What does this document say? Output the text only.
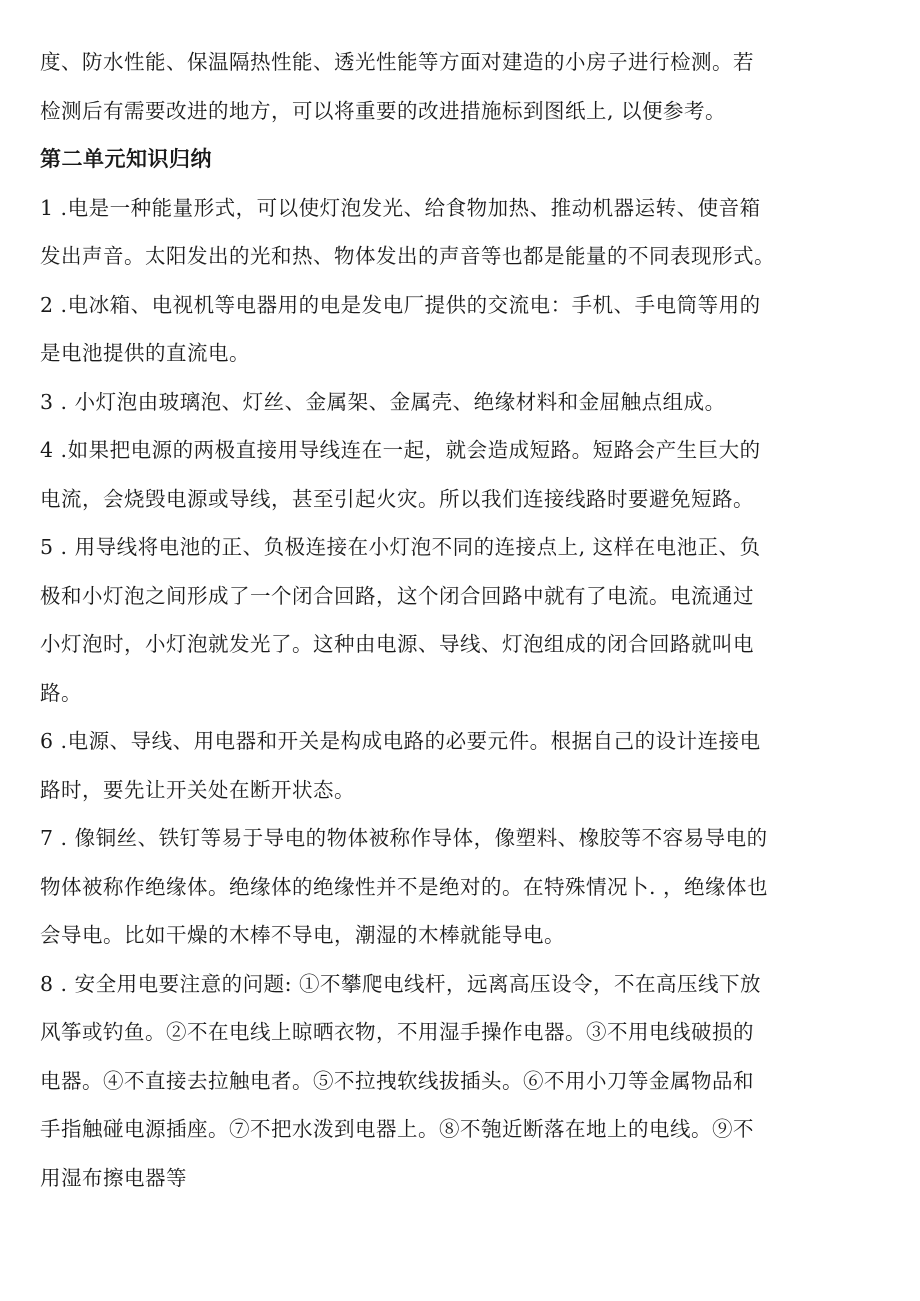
度、防水性能、保温隔热性能、透光性能等方面对建造的小房子进行检测。若
检测后有需要改进的地方，可以将重要的改进措施标到图纸上, 以便参考。

第二单元知识归纳

1 .电是一种能量形式，可以使灯泡发光、给食物加热、推动机器运转、使音箱
发出声音。太阳发出的光和热、物体发出的声音等也都是能量的不同表现形式。

2 .电冰箱、电视机等电器用的电是发电厂提供的交流电：手机、手电筒等用的
是电池提供的直流电。

3 . 小灯泡由玻璃泡、灯丝、金属架、金属壳、绝缘材料和金屈触点组成。

4 .如果把电源的两极直接用导线连在一起，就会造成短路。短路会产生巨大的
电流，会烧毁电源或导线，甚至引起火灾。所以我们连接线路时要避免短路。

5 . 用导线将电池的正、负极连接在小灯泡不同的连接点上, 这样在电池正、负
极和小灯泡之间形成了一个闭合回路，这个闭合回路中就有了电流。电流通过
小灯泡时，小灯泡就发光了。这种由电源、导线、灯泡组成的闭合回路就叫电
路。

6 .电源、导线、用电器和开关是构成电路的必要元件。根据自己的设计连接电
路时，要先让开关处在断开状态。

7 . 像铜丝、铁钉等易于导电的物体被称作导体，像塑料、橡胶等不容易导电的
物体被称作绝缘体。绝缘体的绝缘性并不是绝对的。在特殊情况卜. ，绝缘体也
会导电。比如干燥的木棒不导电，潮湿的木棒就能导电。

8 . 安全用电要注意的问题: ①不攀爬电线杆，远离高压设令，不在高压线下放
风筝或钓鱼。②不在电线上晾晒衣物，不用湿手操作电器。③不用电线破损的
电器。④不直接去拉触电者。⑤不拉拽软线拔插头。⑥不用小刀等金属物品和
手指触碰电源插座。⑦不把水泼到电器上。⑧不匏近断落在地上的电线。⑨不
用湿布擦电器等
